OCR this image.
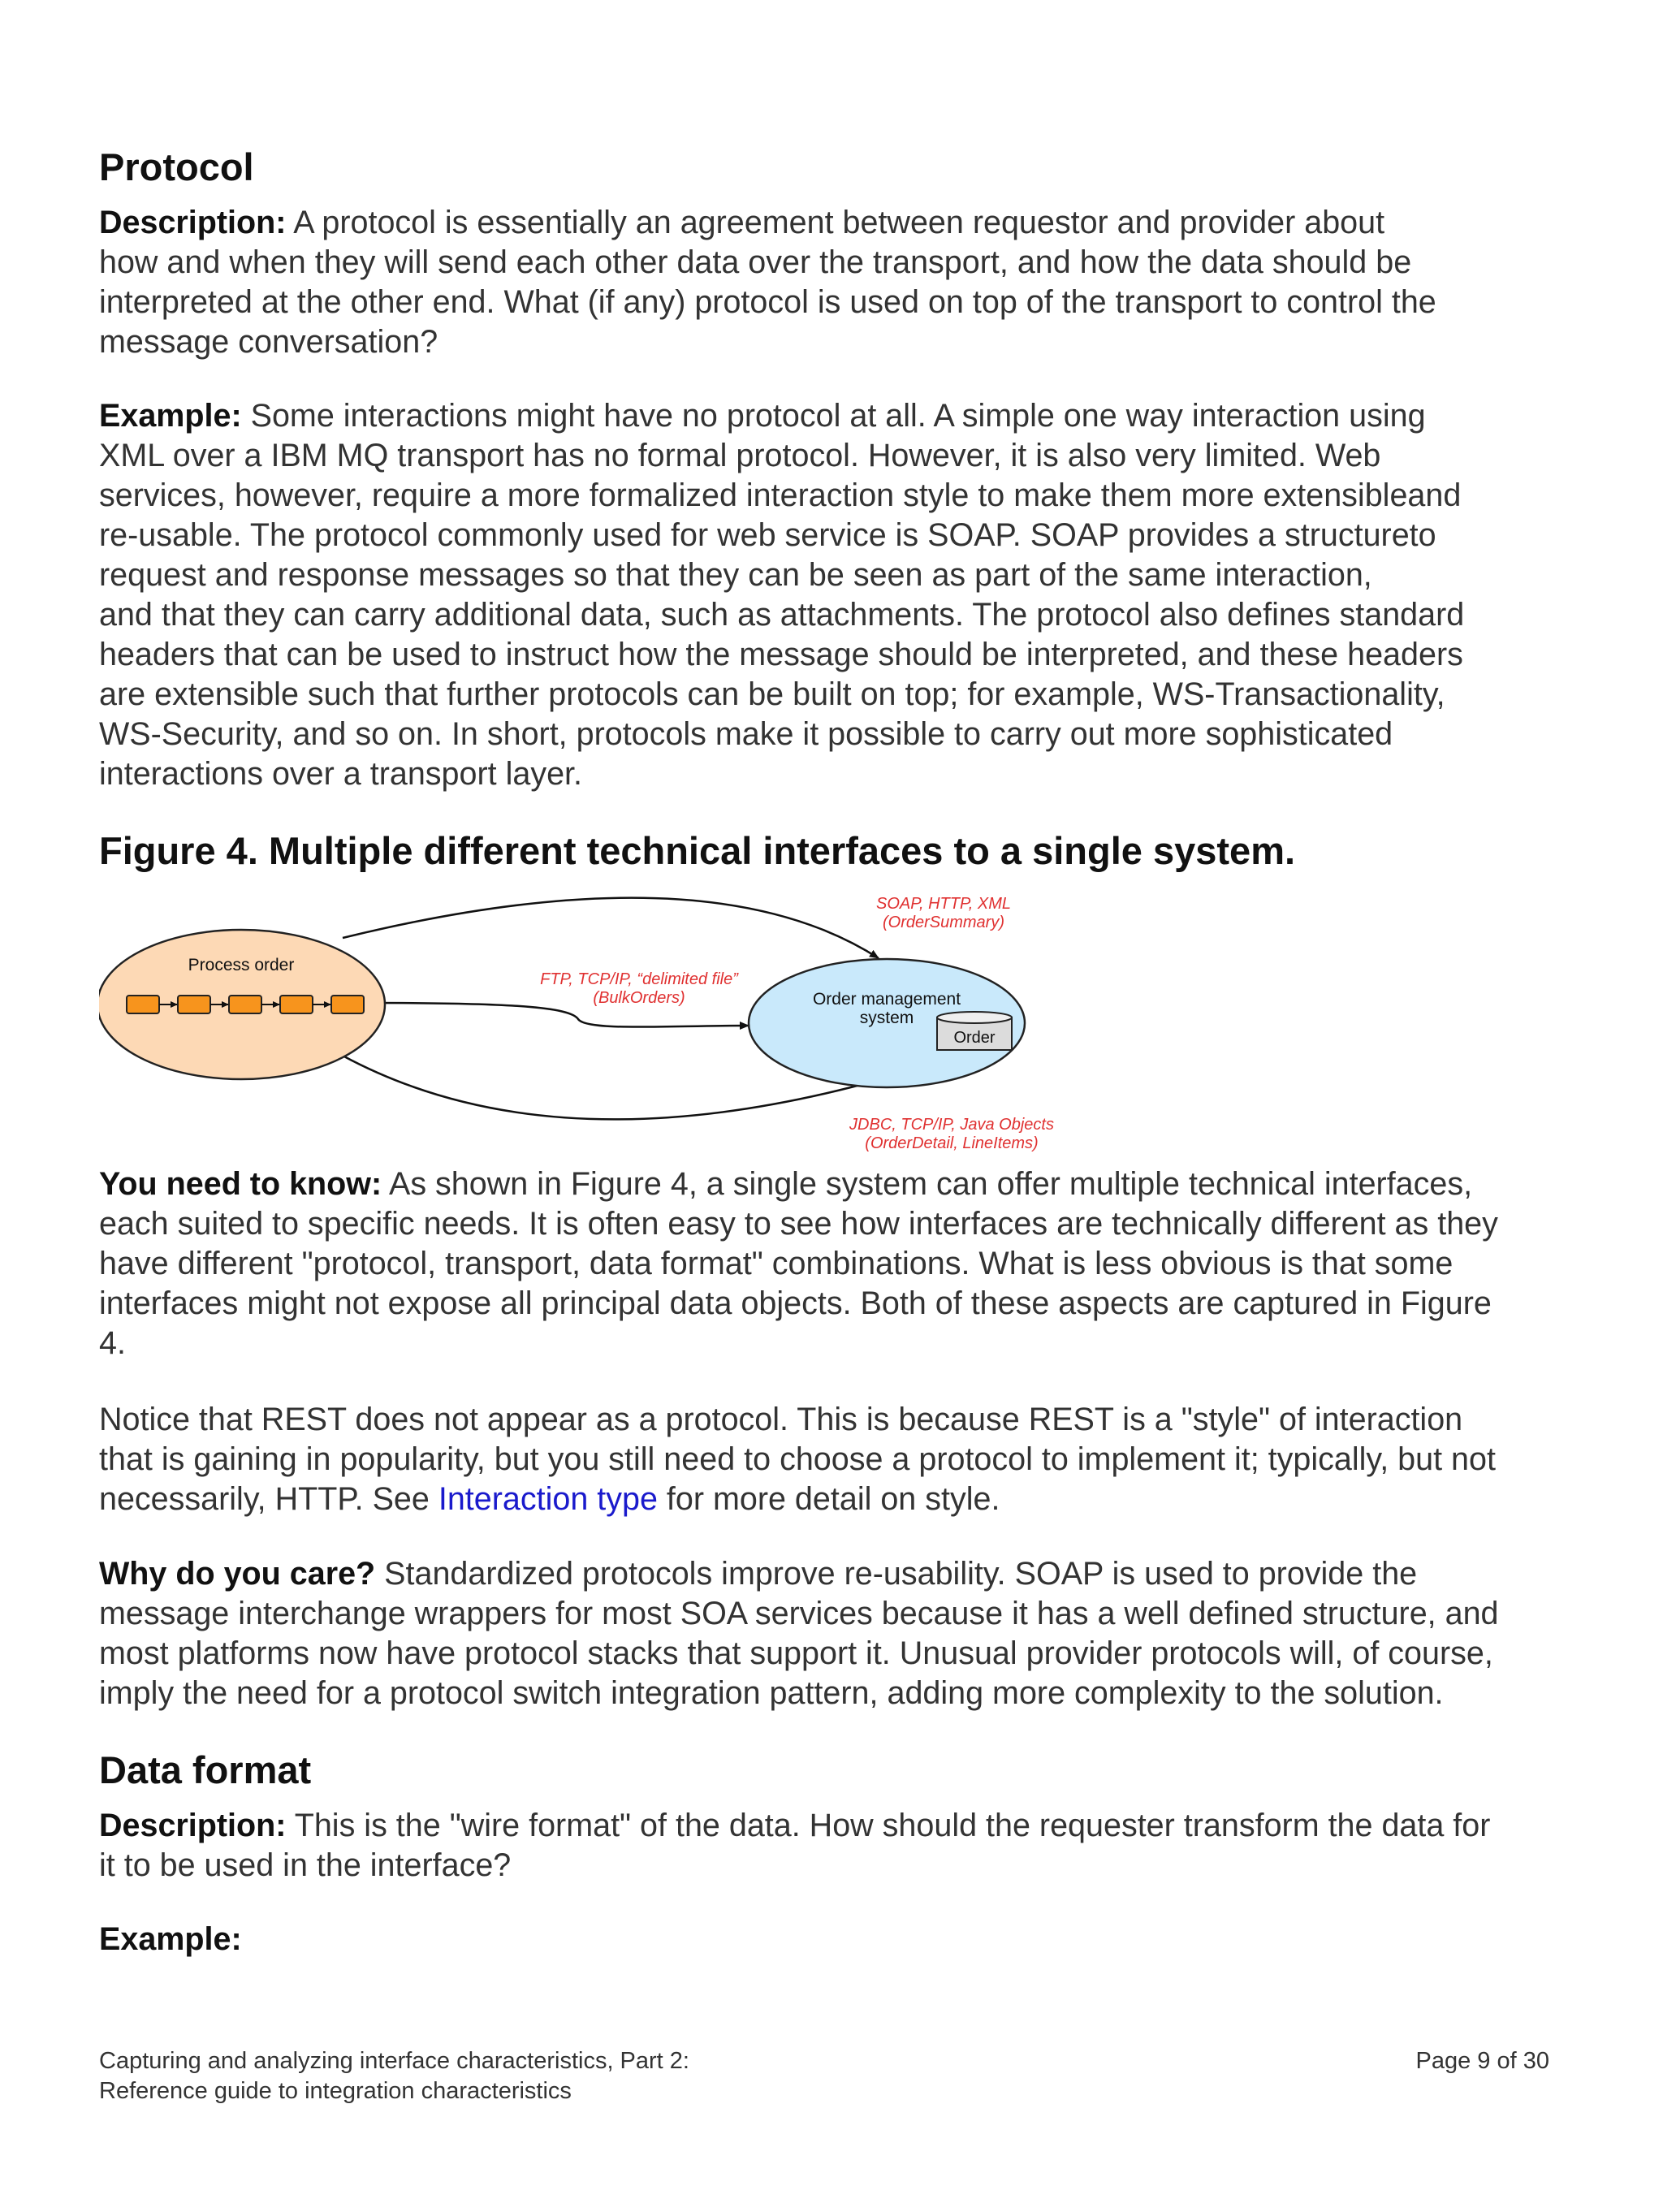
Protocol
Description: A protocol is essentially an agreement between requestor and provider about
how and when they will send each other data over the transport, and how the data should be
interpreted at the other end. What (if any) protocol is used on top of the transport to control the
message conversation?
Example: Some interactions might have no protocol at all. A simple one way interaction using
XML over a IBM MQ transport has no formal protocol. However, it is also very limited. Web
services, however, require a more formalized interaction style to make them more extensibleand
re-usable. The protocol commonly used for web service is SOAP. SOAP provides a structureto
request and response messages so that they can be seen as part of the same interaction,
and that they can carry additional data, such as attachments. The protocol also defines standard
headers that can be used to instruct how the message should be interpreted, and these headers
are extensible such that further protocols can be built on top; for example, WS-Transactionality,
WS-Security, and so on. In short, protocols make it possible to carry out more sophisticated
interactions over a transport layer.
Figure 4. Multiple different technical interfaces to a single system.
Process order
Order management
system
Order
SOAP, HTTP, XML
(OrderSummary)
FTP, TCP/IP, “delimited file”
(BulkOrders)
JDBC, TCP/IP, Java Objects
(OrderDetail, LineItems)
You need to know: As shown in Figure 4, a single system can offer multiple technical interfaces,
each suited to specific needs. It is often easy to see how interfaces are technically different as they
have different "protocol, transport, data format" combinations. What is less obvious is that some
interfaces might not expose all principal data objects. Both of these aspects are captured in Figure
4.
Notice that REST does not appear as a protocol. This is because REST is a "style" of interaction
that is gaining in popularity, but you still need to choose a protocol to implement it; typically, but not
necessarily, HTTP. See Interaction type for more detail on style.
Why do you care? Standardized protocols improve re-usability. SOAP is used to provide the
message interchange wrappers for most SOA services because it has a well defined structure, and
most platforms now have protocol stacks that support it. Unusual provider protocols will, of course,
imply the need for a protocol switch integration pattern, adding more complexity to the solution.
Data format
Description: This is the "wire format" of the data. How should the requester transform the data for
it to be used in the interface?
Example:
Capturing and analyzing interface characteristics, Part 2:
Reference guide to integration characteristics
Page 9 of 30
